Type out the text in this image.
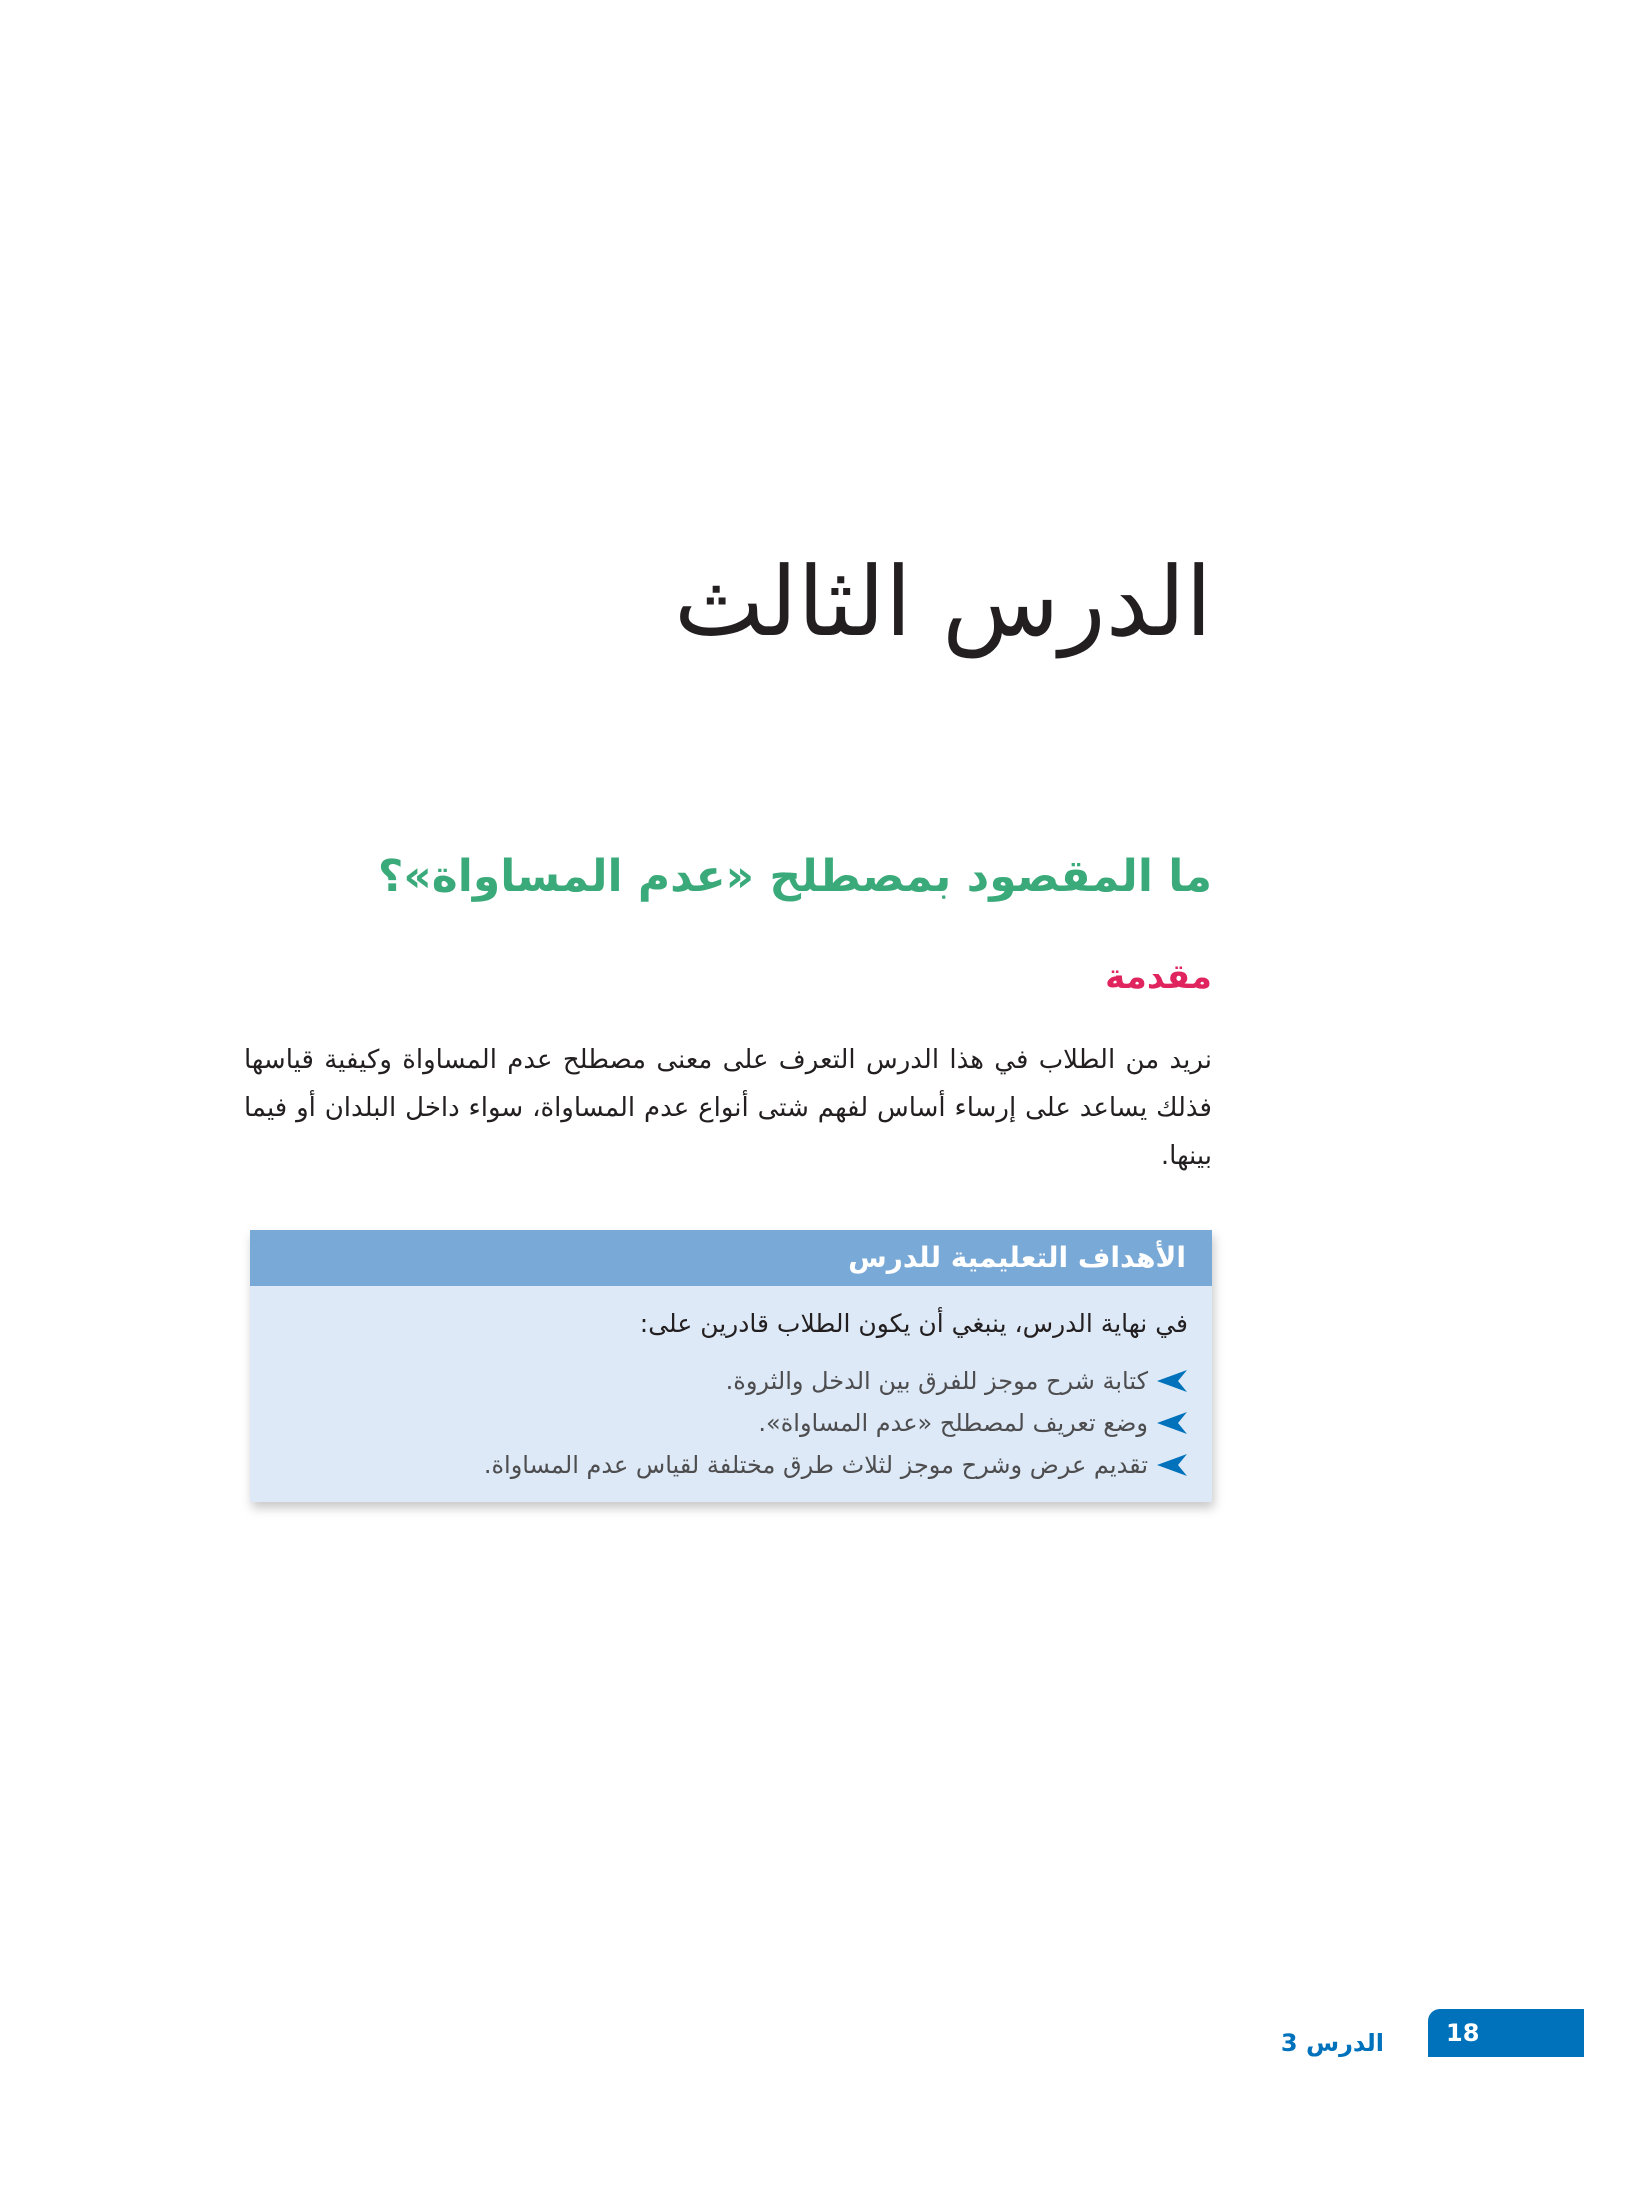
الدرس الثالث
ما المقصود بمصطلح «عدم المساواة»؟
مقدمة

نريد من الطلاب في هذا الدرس التعرف على معنى مصطلح عدم المساواة وكيفية قياسها فذلك يساعد على إرساء أساس لفهم شتى أنواع عدم المساواة، سواء داخل البلدان أو فيما بينها.

الأهداف التعليمية للدرس

في نهاية الدرس، ينبغي أن يكون الطلاب قادرين على:

كتابة شرح موجز للفرق بين الدخل والثروة.
وضع تعريف لمصطلح «عدم المساواة».
تقديم عرض وشرح موجز لثلاث طرق مختلفة لقياس عدم المساواة.
الدرس 3	18
